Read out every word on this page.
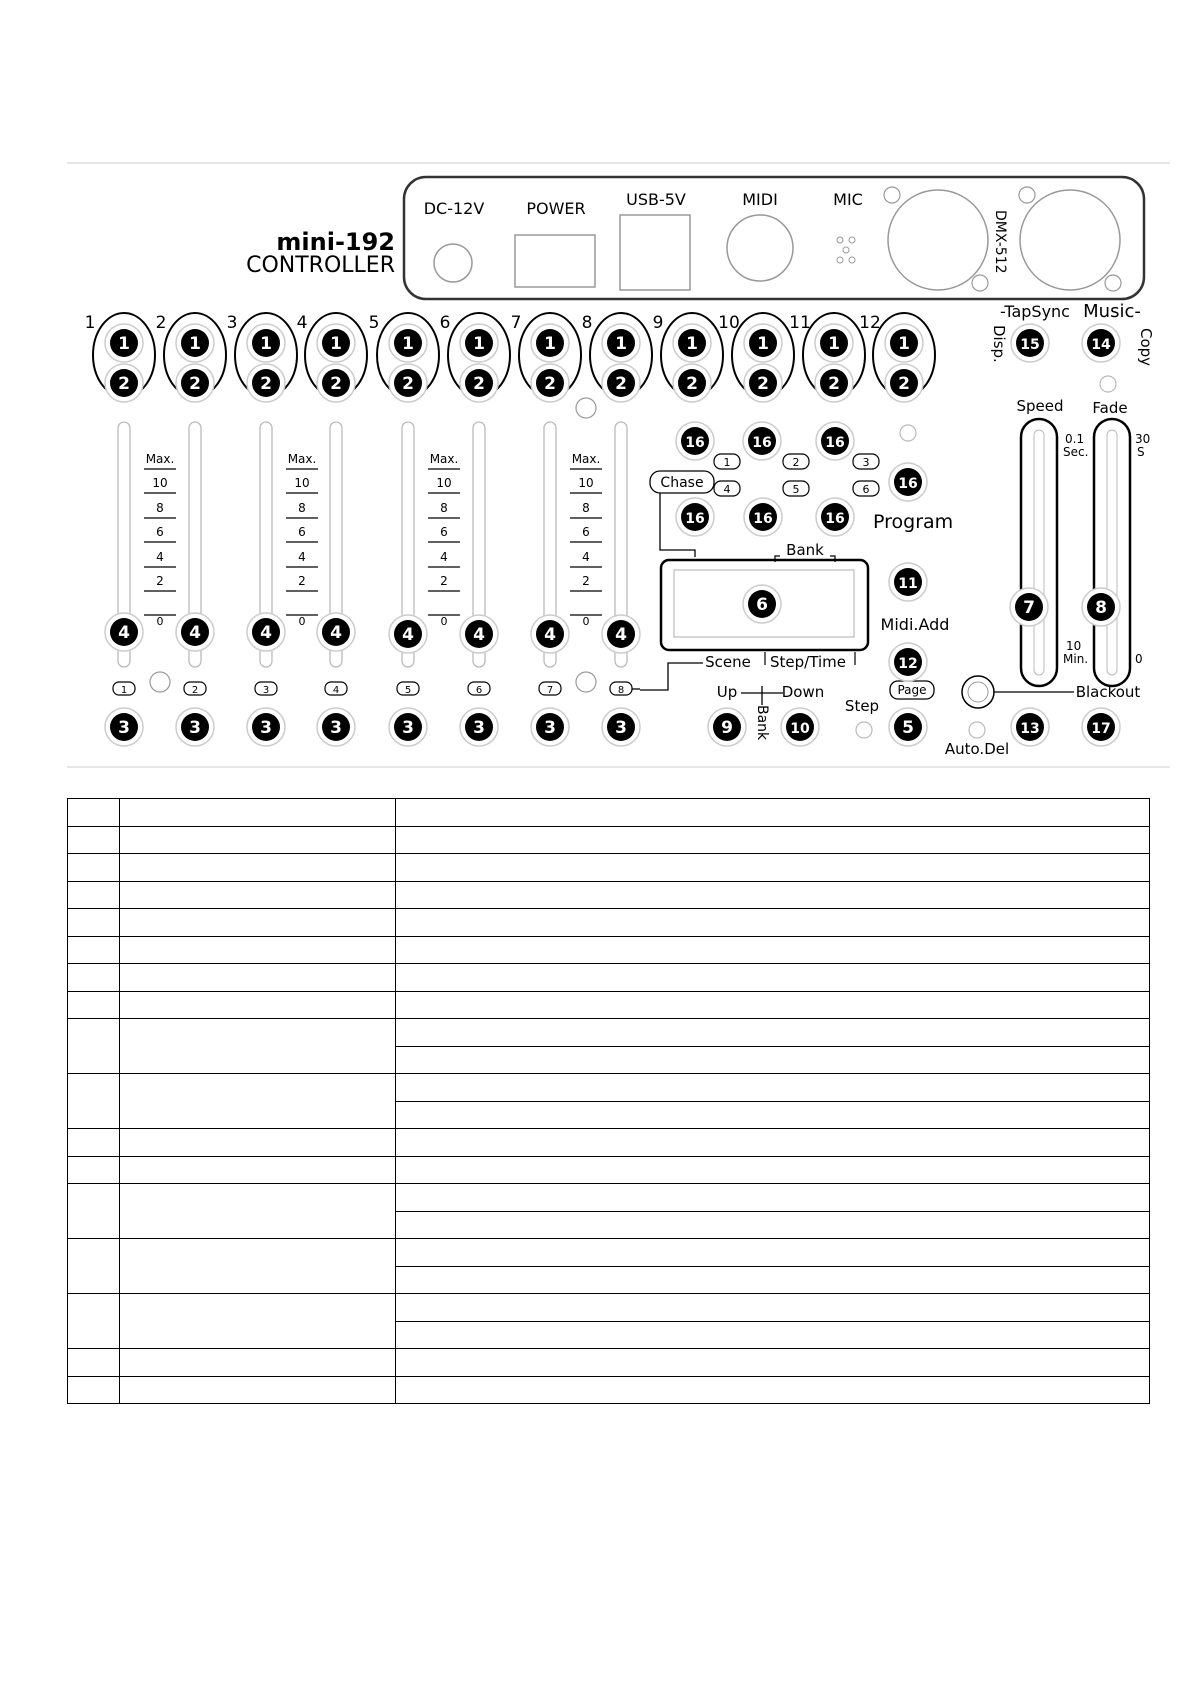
mini-192
CONTROLLER
DC-12V	POWER	USB-5V	MIDI	MIC
DMX-512
1	2	3	4	5	6	7	8	9	10	11	12
Max.
10
8
6
4
2
0
Max.
10
8
6
4
2
0
Max.
10
8
6
4
2
0
Max.
10
8
6
4
2
0
1	2	3	4	5	6	7	8
Program
Chase
1	2	3
4	5	6
Bank
Scene Step/Time
Midi.Add
Up	Down
Bank	Step
Page	Blackout
Auto.Del
-TapSync Music-
Disp.	Copy
Speed Fade
0.1
Sec.
10
Min.
30
S
0
1
2
1
2
1
2
1
2
1
2
1
2
1
2
1
2
1
2
1
2
1
2
1
2
3	3	3	3	3	3	3	3
4	4	4	4	4	4	4	4
5
6	7	8
9	10
11
12
13
14
15
16	16	16
16
16	16	16
17
